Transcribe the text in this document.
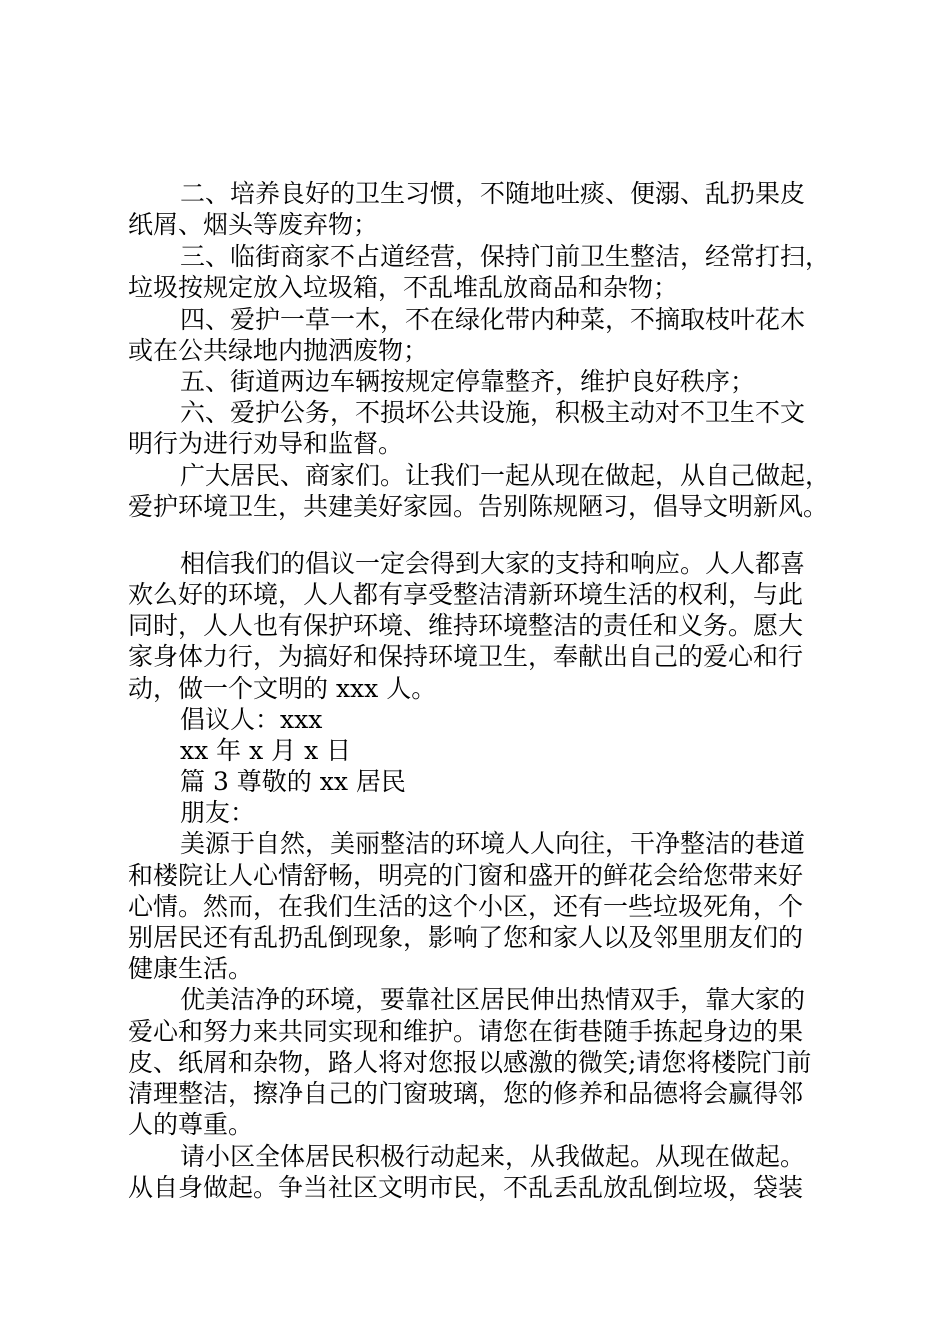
二、培养良好的卫生习惯，不随地吐痰、便溺、乱扔果皮
纸屑、烟头等废弃物；
三、临街商家不占道经营，保持门前卫生整洁，经常打扫，
垃圾按规定放入垃圾箱，不乱堆乱放商品和杂物；
四、爱护一草一木，不在绿化带内种菜，不摘取枝叶花木
或在公共绿地内抛洒废物；
五、街道两边车辆按规定停靠整齐，维护良好秩序；
六、爱护公务，不损坏公共设施，积极主动对不卫生不文
明行为进行劝导和监督。
广大居民、商家们。让我们一起从现在做起，从自己做起，
爱护环境卫生，共建美好家园。告别陈规陋习，倡导文明新风。
相信我们的倡议一定会得到大家的支持和响应。人人都喜
欢么好的环境，人人都有享受整洁清新环境生活的权利，与此
同时，人人也有保护环境、维持环境整洁的责任和义务。愿大
家身体力行，为搞好和保持环境卫生，奉献出自己的爱心和行
动，做一个文明的 xxx 人。
倡议人：xxx
xx 年 x 月 x 日
篇 3 尊敬的 xx 居民
朋友：
美源于自然，美丽整洁的环境人人向往，干净整洁的巷道
和楼院让人心情舒畅，明亮的门窗和盛开的鲜花会给您带来好
心情。然而，在我们生活的这个小区，还有一些垃圾死角，个
别居民还有乱扔乱倒现象，影响了您和家人以及邻里朋友们的
健康生活。
优美洁净的环境，要靠社区居民伸出热情双手，靠大家的
爱心和努力来共同实现和维护。请您在街巷随手拣起身边的果
皮、纸屑和杂物，路人将对您报以感激的微笑;请您将楼院门前
清理整洁，擦净自己的门窗玻璃，您的修养和品德将会赢得邻
人的尊重。
请小区全体居民积极行动起来，从我做起。从现在做起。
从自身做起。争当社区文明市民，不乱丢乱放乱倒垃圾，袋装
